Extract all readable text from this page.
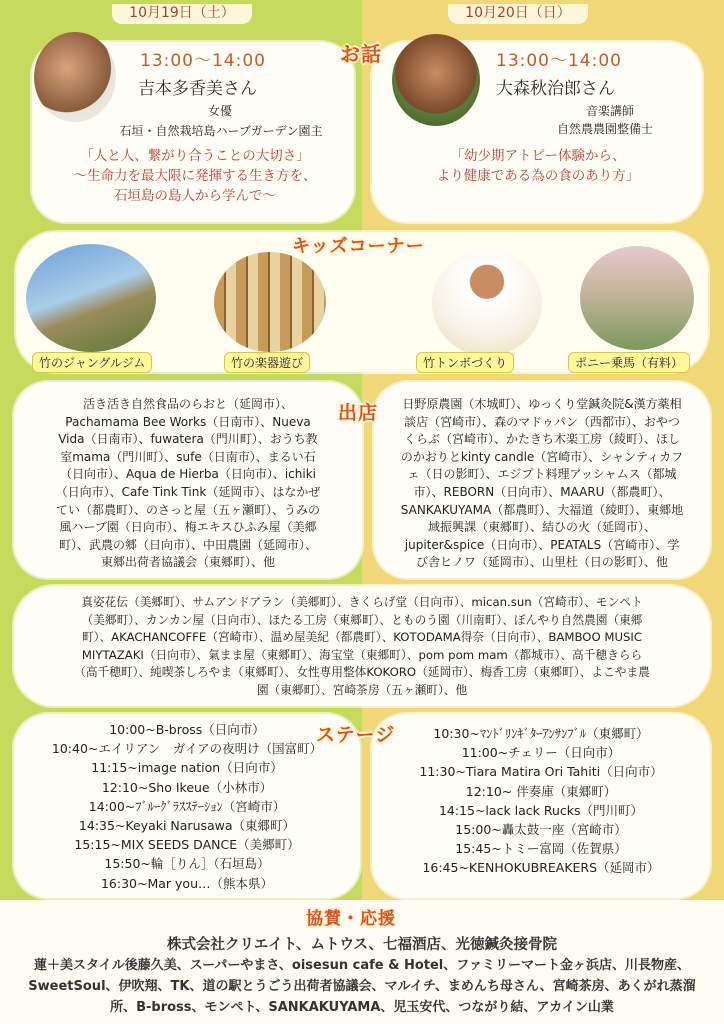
10月19日（土）	10月20日（日）
お話
13:00〜14:00
吉本多香美さん
女優
石垣・自然栽培島ハーブガーデン園主
「人と人、繋がり合うことの大切さ」
〜生命力を最大限に発揮する生き方を、
石垣島の島人から学んで〜
13:00〜14:00
大森秋治郎さん
音楽講師
自然農農園整備士
「幼少期アトピー体験から、
より健康である為の食のあり方」
キッズコーナー
竹のジャングルジム	竹の楽器遊び	竹トンボづくり	ポニー乗馬（有料）
出店
活き活き自然食品のらおと（延岡市）、
Pachamama Bee Works（日南市）、Nueva
Vida（日南市）、fuwatera（門川町）、おうち教
室mama（門川町）、sufe（日南市）、まるい石
（日向市）、Aqua de Hierba（日向市）、ichiki
（日向市）、Cafe Tink Tink（延岡市）、はなかぜ
てい（都農町）、のさっと屋（五ヶ瀬町）、うみの
風ハーブ園（日向市）、梅エキスひふみ屋（美郷
町）、武農の郷（日向市）、中田農園（延岡市）、
東郷出荷者協議会（東郷町）、他
日野原農園（木城町）、ゆっくり堂鍼灸院&漢方薬相
談店（宮崎市）、森のマドゥパン（西都市）、おやつ
くらぶ（宮崎市）、かたきち木楽工房（綾町）、ほし
のかおりとkinty candle（宮崎市）、シャンティカフ
ェ（日の影町）、エジプト料理アッシャムス（都城
市）、REBORN（日向市）、MAARU（都農町）、
SANKAKUYAMA（都農町）、大福道（綾町）、東郷地
域振興課（東郷町）、結ひの火（延岡市）、
jupiter&spice（日向市）、PEATALS（宮崎市）、学
び舎ヒノワ（延岡市）、山里杜（日の影町）、他
真姿花伝（美郷町）、サムアンドアラン（美郷町）、きくらげ堂（日向市）、mican.sun（宮崎市）、モンペト
（美郷町）、カンカン屋（日向市）、ほたる工房（東郷町）、とものう園（川南町）、ぼんやり自然農園（東郷
町）、AKACHANCOFFE（宮崎市）、温め屋美紀（都農町）、KOTODAMA得奈（日向市）、BAMBOO MUSIC
MIYTAZAKI（日向市）、氣まま屋（東郷町）、海宝堂（東郷町）、pom pom mam（都城市）、高千穂きらら
（高千穂町）、純喫茶しろやま（東郷町）、女性専用整体KOKORO（延岡市）、梅香工房（東郷町）、よこやま農
園（東郷町）、宮崎茶房（五ヶ瀬町）、他
ステージ
10:00~B-bross（日向市）
10:40~エイリアン　ガイアの夜明け（国富町）
11:15~image nation（日向市）
12:10~Sho Ikeue（小林市）
14:00~ﾌﾞﾙｰｸﾞﾗｽｽﾃｰｼｮﾝ（宮崎市）
14:35~Keyaki Narusawa（東郷町）
15:15~MIX SEEDS DANCE（美郷町）
15:50~輪［りん］（石垣島）
16:30~Mar you…（熊本県）
10:30~ﾏﾝﾄﾞﾘﾝｷﾞﾀｰｱﾝｻﾝﾌﾞﾙ（東郷町）
11:00~チェリー（日向市）
11:30~Tiara Matira Ori Tahiti（日向市）
12:10~ 伴奏庫（東郷町）
14:15~lack lack Rucks（門川町）
15:00~轟太鼓一座（宮崎市）
15:45~トミー富岡（佐賀県）
16:45~KENHOKUBREAKERS（延岡市）
協賛・応援
株式会社クリエイト、ムトウス、七福酒店、光徳鍼灸接骨院
蓮＋美スタイル後藤久美、スーパーやまさ、oisesun cafe & Hotel、ファミリーマート金ヶ浜店、川長物産、SweetSoul、伊吹翔、TK、道の駅とうごう出荷者協議会、マルイチ、まめんち母さん、宮崎茶房、あくがれ蒸溜所、B-bross、モンペト、SANKAKUYAMA、児玉安代、つながり結、アカイン山業
